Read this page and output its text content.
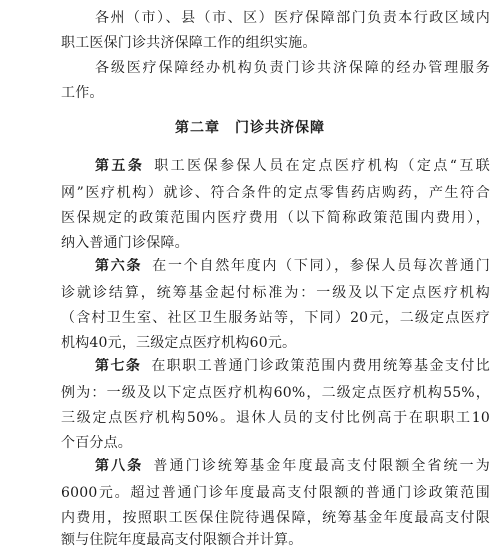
各州（市）、县（市、区）医疗保障部门负责本行政区域内
职工医保门诊共济保障工作的组织实施。
各级医疗保障经办机构负责门诊共济保障的经办管理服务
工作。
第二章　门诊共济保障
第五条 职工医保参保人员在定点医疗机构（定点“互联
网”医疗机构）就诊、符合条件的定点零售药店购药，产生符合
医保规定的政策范围内医疗费用（以下简称政策范围内费用），
纳入普通门诊保障。
第六条 在一个自然年度内（下同），参保人员每次普通门
诊就诊结算，统筹基金起付标准为：一级及以下定点医疗机构
（含村卫生室、社区卫生服务站等，下同）20元，二级定点医疗
机构40元，三级定点医疗机构60元。
第七条 在职职工普通门诊政策范围内费用统筹基金支付比
例为：一级及以下定点医疗机构60%，二级定点医疗机构55%，
三级定点医疗机构50%。退休人员的支付比例高于在职职工10
个百分点。
第八条 普通门诊统筹基金年度最高支付限额全省统一为
6000元。超过普通门诊年度最高支付限额的普通门诊政策范围
内费用，按照职工医保住院待遇保障，统筹基金年度最高支付限
额与住院年度最高支付限额合并计算。
